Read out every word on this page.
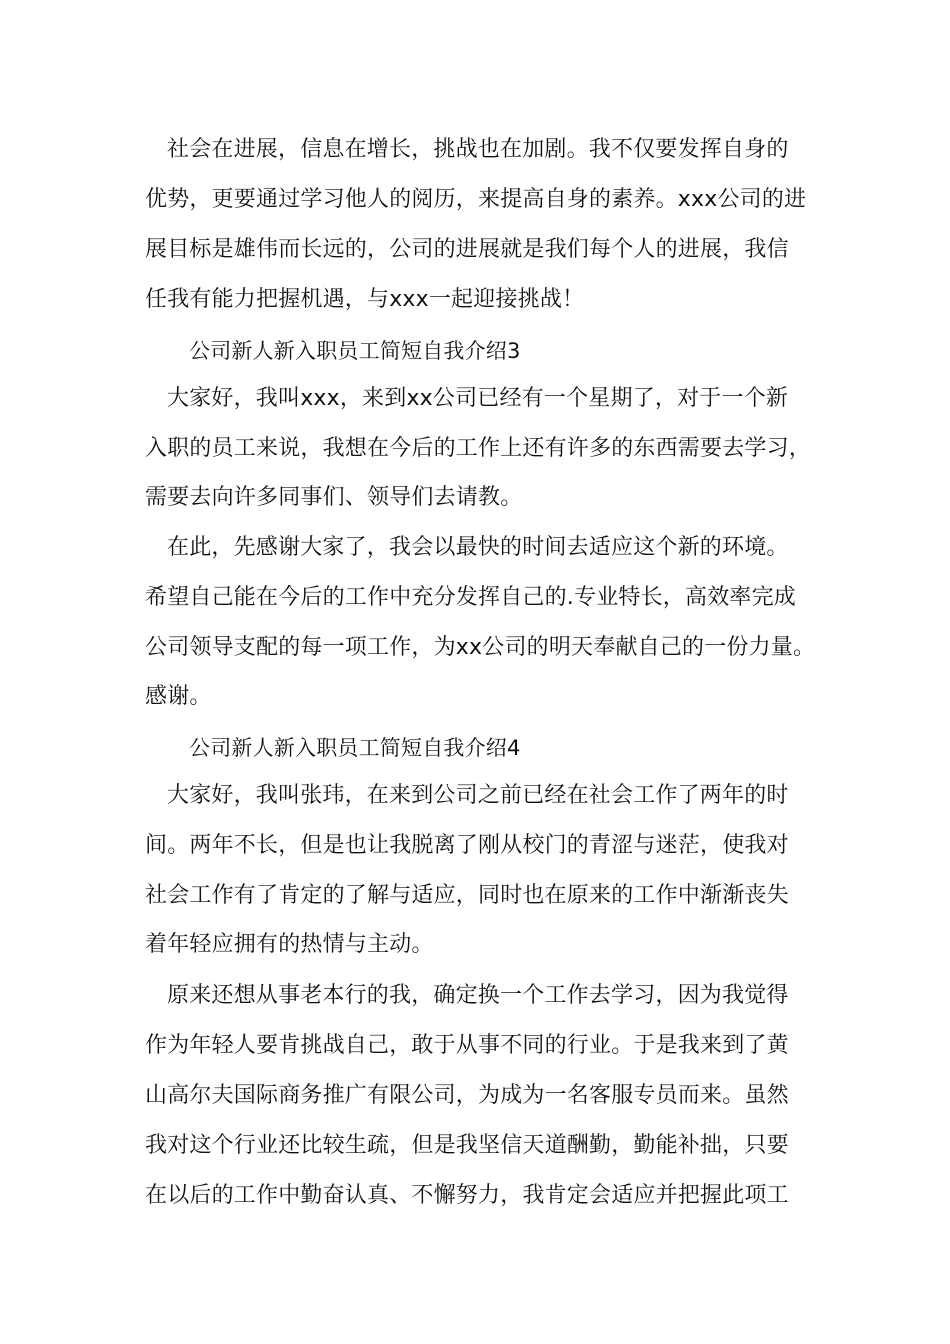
社会在进展，信息在增长，挑战也在加剧。我不仅要发挥自身的
优势，更要通过学习他人的阅历，来提高自身的素养。xxx公司的进
展目标是雄伟而长远的，公司的进展就是我们每个人的进展，我信
任我有能力把握机遇，与xxx一起迎接挑战！
公司新人新入职员工简短自我介绍3
大家好，我叫xxx，来到xx公司已经有一个星期了，对于一个新
入职的员工来说，我想在今后的工作上还有许多的东西需要去学习，
需要去向许多同事们、领导们去请教。
在此，先感谢大家了，我会以最快的时间去适应这个新的环境。
希望自己能在今后的工作中充分发挥自己的.专业特长，高效率完成
公司领导支配的每一项工作，为xx公司的明天奉献自己的一份力量。
感谢。
公司新人新入职员工简短自我介绍4
大家好，我叫张玮，在来到公司之前已经在社会工作了两年的时
间。两年不长，但是也让我脱离了刚从校门的青涩与迷茫，使我对
社会工作有了肯定的了解与适应，同时也在原来的工作中渐渐丧失
着年轻应拥有的热情与主动。
原来还想从事老本行的我，确定换一个工作去学习，因为我觉得
作为年轻人要肯挑战自己，敢于从事不同的行业。于是我来到了黄
山高尔夫国际商务推广有限公司，为成为一名客服专员而来。虽然
我对这个行业还比较生疏，但是我坚信天道酬勤，勤能补拙，只要
在以后的工作中勤奋认真、不懈努力，我肯定会适应并把握此项工
